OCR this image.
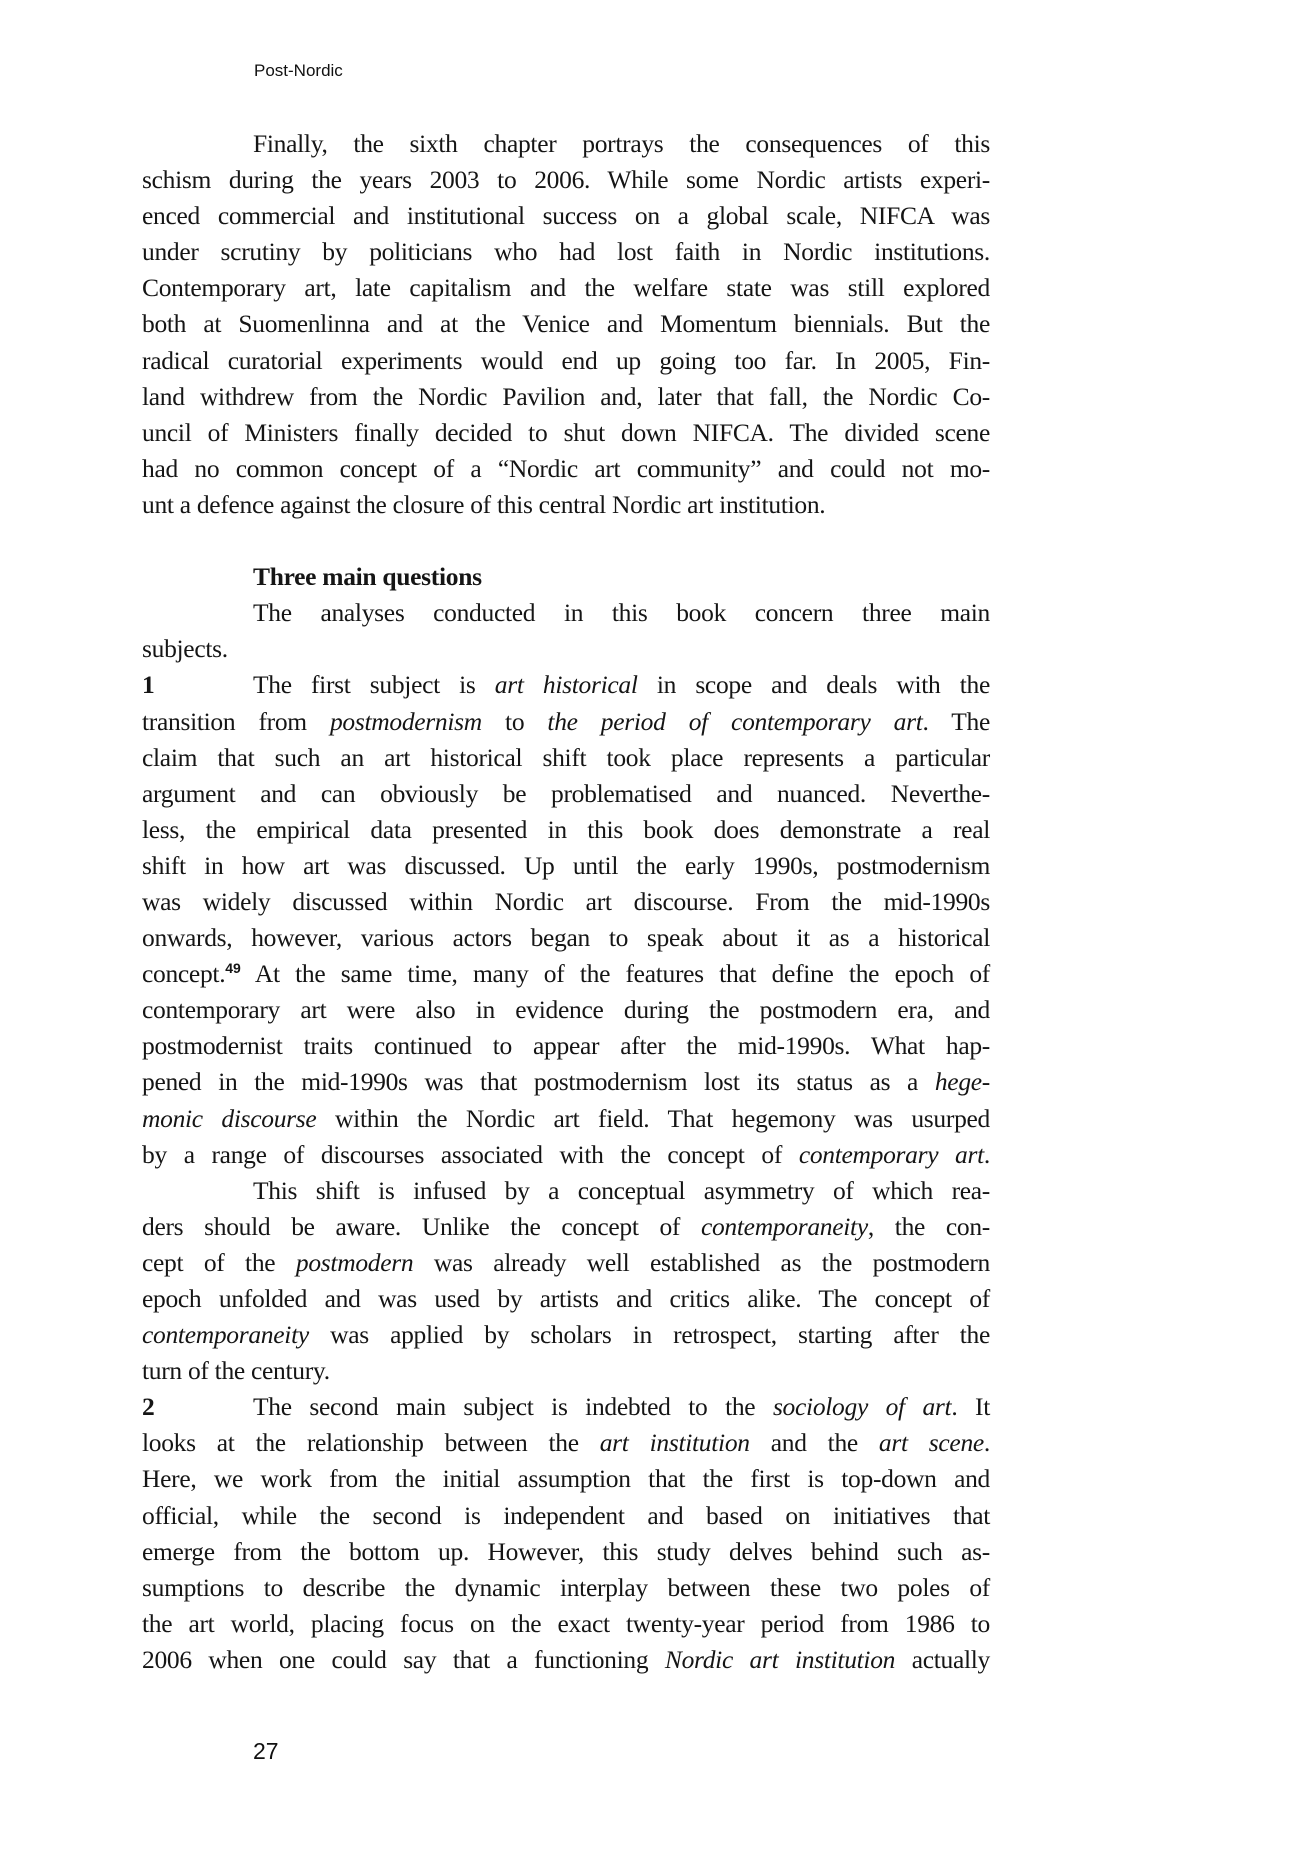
Post-Nordic
Finally, the sixth chapter portrays the consequences of this
schism during the years 2003 to 2006. While some Nordic artists experi-
enced commercial and institutional success on a global scale, NIFCA was
under scrutiny by politicians who had lost faith in Nordic institutions.
Contemporary art, late capitalism and the welfare state was still explored
both at Suomenlinna and at the Venice and Momentum biennials. But the
radical curatorial experiments would end up going too far. In 2005, Fin-
land withdrew from the Nordic Pavilion and, later that fall, the Nordic Co-
uncil of Ministers finally decided to shut down NIFCA. The divided scene
had no common concept of a “Nordic art community” and could not mo-
unt a defence against the closure of this central Nordic art institution.
Three main questions
The analyses conducted in this book concern three main
subjects.
1	The first subject is art historical in scope and deals with the
transition from postmodernism to the period of contemporary art. The
claim that such an art historical shift took place represents a particular
argument and can obviously be problematised and nuanced. Neverthe-
less, the empirical data presented in this book does demonstrate a real
shift in how art was discussed. Up until the early 1990s, postmodernism
was widely discussed within Nordic art discourse. From the mid-1990s
onwards, however, various actors began to speak about it as a historical
concept.$^{49}$ At the same time, many of the features that define the epoch of
contemporary art were also in evidence during the postmodern era, and
postmodernist traits continued to appear after the mid-1990s. What hap-
pened in the mid-1990s was that postmodernism lost its status as a hege-
monic discourse within the Nordic art field. That hegemony was usurped
by a range of discourses associated with the concept of contemporary art.
This shift is infused by a conceptual asymmetry of which rea-
ders should be aware. Unlike the concept of contemporaneity, the con-
cept of the postmodern was already well established as the postmodern
epoch unfolded and was used by artists and critics alike. The concept of
contemporaneity was applied by scholars in retrospect, starting after the
turn of the century.
2	The second main subject is indebted to the sociology of art. It
looks at the relationship between the art institution and the art scene.
Here, we work from the initial assumption that the first is top-down and
official, while the second is independent and based on initiatives that
emerge from the bottom up. However, this study delves behind such as-
sumptions to describe the dynamic interplay between these two poles of
the art world, placing focus on the exact twenty-year period from 1986 to
2006 when one could say that a functioning Nordic art institution actually
27
